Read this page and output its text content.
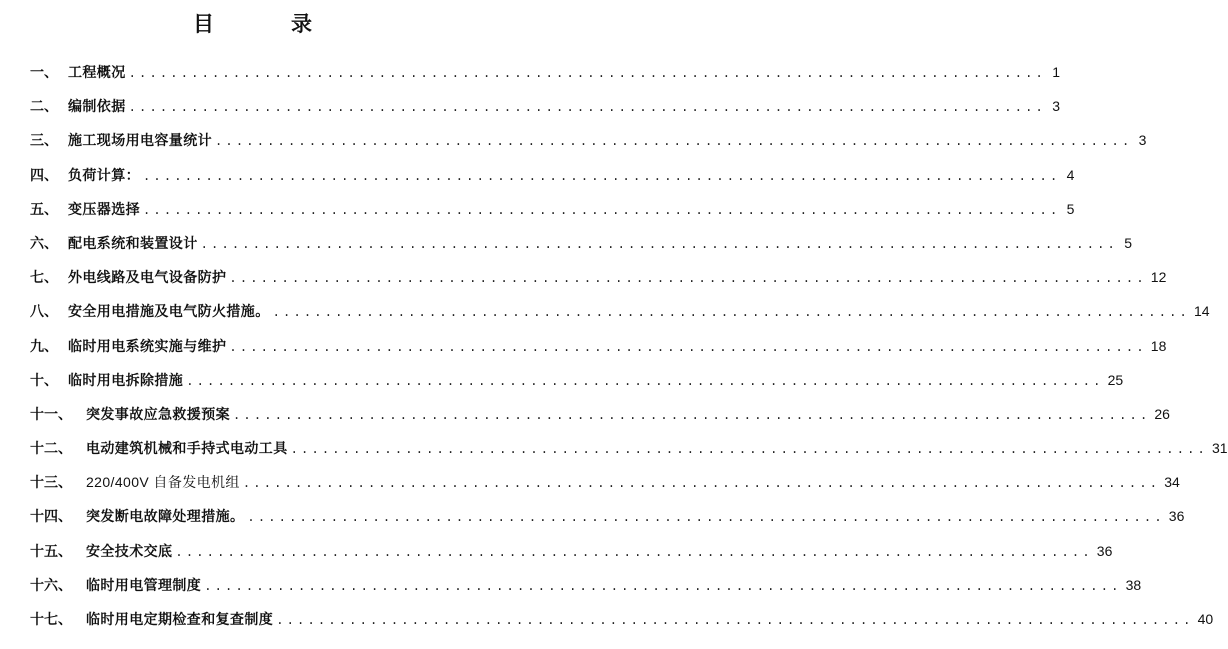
目　录
一、 工程概况 ........................................................................................ 1
二、 编制依据 ........................................................................................ 3
三、 施工现场用电容量统计 ........................................................................................ 3
四、 负荷计算： ........................................................................................ 4
五、 变压器选择 ........................................................................................ 5
六、 配电系统和装置设计 ........................................................................................ 5
七、 外电线路及电气设备防护 ........................................................................................ 12
八、 安全用电措施及电气防火措施。 ........................................................................................ 14
九、 临时用电系统实施与维护 ........................................................................................ 18
十、 临时用电拆除措施 ........................................................................................ 25
十一、	突发事故应急救援预案 ........................................................................................ 26
十二、	电动建筑机械和手持式电动工具 ........................................................................................ 31
十三、	220/400V 自备发电机组 ........................................................................................ 34
十四、	突发断电故障处理措施。 ........................................................................................ 36
十五、	安全技术交底 ........................................................................................ 36
十六、	临时用电管理制度 ........................................................................................ 38
十七、	临时用电定期检查和复查制度 ........................................................................................ 40
